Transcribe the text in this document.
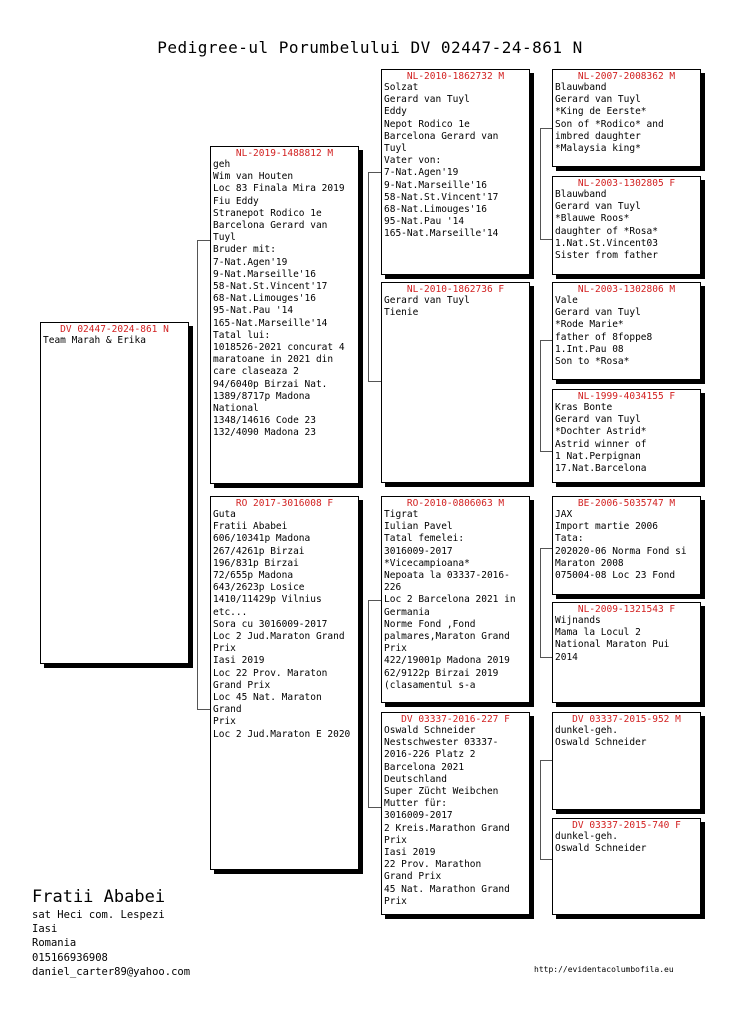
Pedigree-ul Porumbelului DV 02447-24-861 N
DV 02447-2024-861 N
Team Marah & Erika
NL-2019-1488812 M
geh
Wim van Houten
Loc 83 Finala Mira 2019
Fiu Eddy
Stranepot Rodico 1e
Barcelona Gerard van
Tuyl
Bruder mit:
7-Nat.Agen'19
9-Nat.Marseille'16
58-Nat.St.Vincent'17
68-Nat.Limouges'16
95-Nat.Pau '14
165-Nat.Marseille'14
Tatal lui:
1018526-2021 concurat 4
maratoane in 2021 din
care claseaza 2
94/6040p Birzai Nat.
1389/8717p Madona
National
1348/14616 Code 23
132/4090 Madona 23
RO 2017-3016008 F
Guta
Fratii Ababei
606/10341p Madona
267/4261p Birzai
196/831p Birzai
72/655p Madona
643/2623p Losice
1410/11429p Vilnius
etc...
Sora cu 3016009-2017
Loc 2 Jud.Maraton Grand
Prix
Iasi 2019
Loc 22 Prov. Maraton
Grand Prix
Loc 45 Nat. Maraton
Grand
Prix
Loc 2 Jud.Maraton E 2020
NL-2010-1862732 M
Solzat
Gerard van Tuyl
Eddy
Nepot Rodico 1e
Barcelona Gerard van
Tuyl
Vater von:
7-Nat.Agen'19
9-Nat.Marseille'16
58-Nat.St.Vincent'17
68-Nat.Limouges'16
95-Nat.Pau '14
165-Nat.Marseille'14
NL-2010-1862736 F
Gerard van Tuyl
Tienie
RO-2010-0806063 M
Tigrat
Iulian Pavel
Tatal femelei:
3016009-2017
*Vicecampioana*
Nepoata la 03337-2016-
226
Loc 2 Barcelona 2021 in
Germania
Norme Fond ,Fond
palmares,Maraton Grand
Prix
422/19001p Madona 2019
62/9122p Birzai 2019
(clasamentul s-a
DV 03337-2016-227 F
Oswald Schneider
Nestschwester 03337-
2016-226 Platz 2
Barcelona 2021
Deutschland
Super Zücht Weibchen
Mutter für:
3016009-2017
2 Kreis.Marathon Grand
Prix
Iasi 2019
22 Prov. Marathon
Grand Prix
45 Nat. Marathon Grand
Prix
NL-2007-2008362 M
Blauwband
Gerard van Tuyl
*King de Eerste*
Son of *Rodico* and
imbred daughter
*Malaysia king*
NL-2003-1302805 F
Blauwband
Gerard van Tuyl
*Blauwe Roos*
daughter of *Rosa*
1.Nat.St.Vincent03
Sister from father
NL-2003-1302806 M
Vale
Gerard van Tuyl
*Rode Marie*
father of 8foppe8
1.Int.Pau 08
Son to *Rosa*
NL-1999-4034155 F
Kras Bonte
Gerard van Tuyl
*Dochter Astrid*
Astrid winner of
1 Nat.Perpignan
17.Nat.Barcelona
BE-2006-5035747 M
JAX
Import martie 2006
Tata:
202020-06 Norma Fond si
Maraton 2008
075004-08 Loc 23 Fond
NL-2009-1321543 F
Wijnands
Mama la Locul 2
National Maraton Pui
2014
DV 03337-2015-952 M
dunkel-geh.
Oswald Schneider
DV 03337-2015-740 F
dunkel-geh.
Oswald Schneider
Fratii Ababei
sat Heci com. Lespezi
Iasi
Romania
015166936908
daniel_carter89@yahoo.com	http://evidentacolumbofila.eu
